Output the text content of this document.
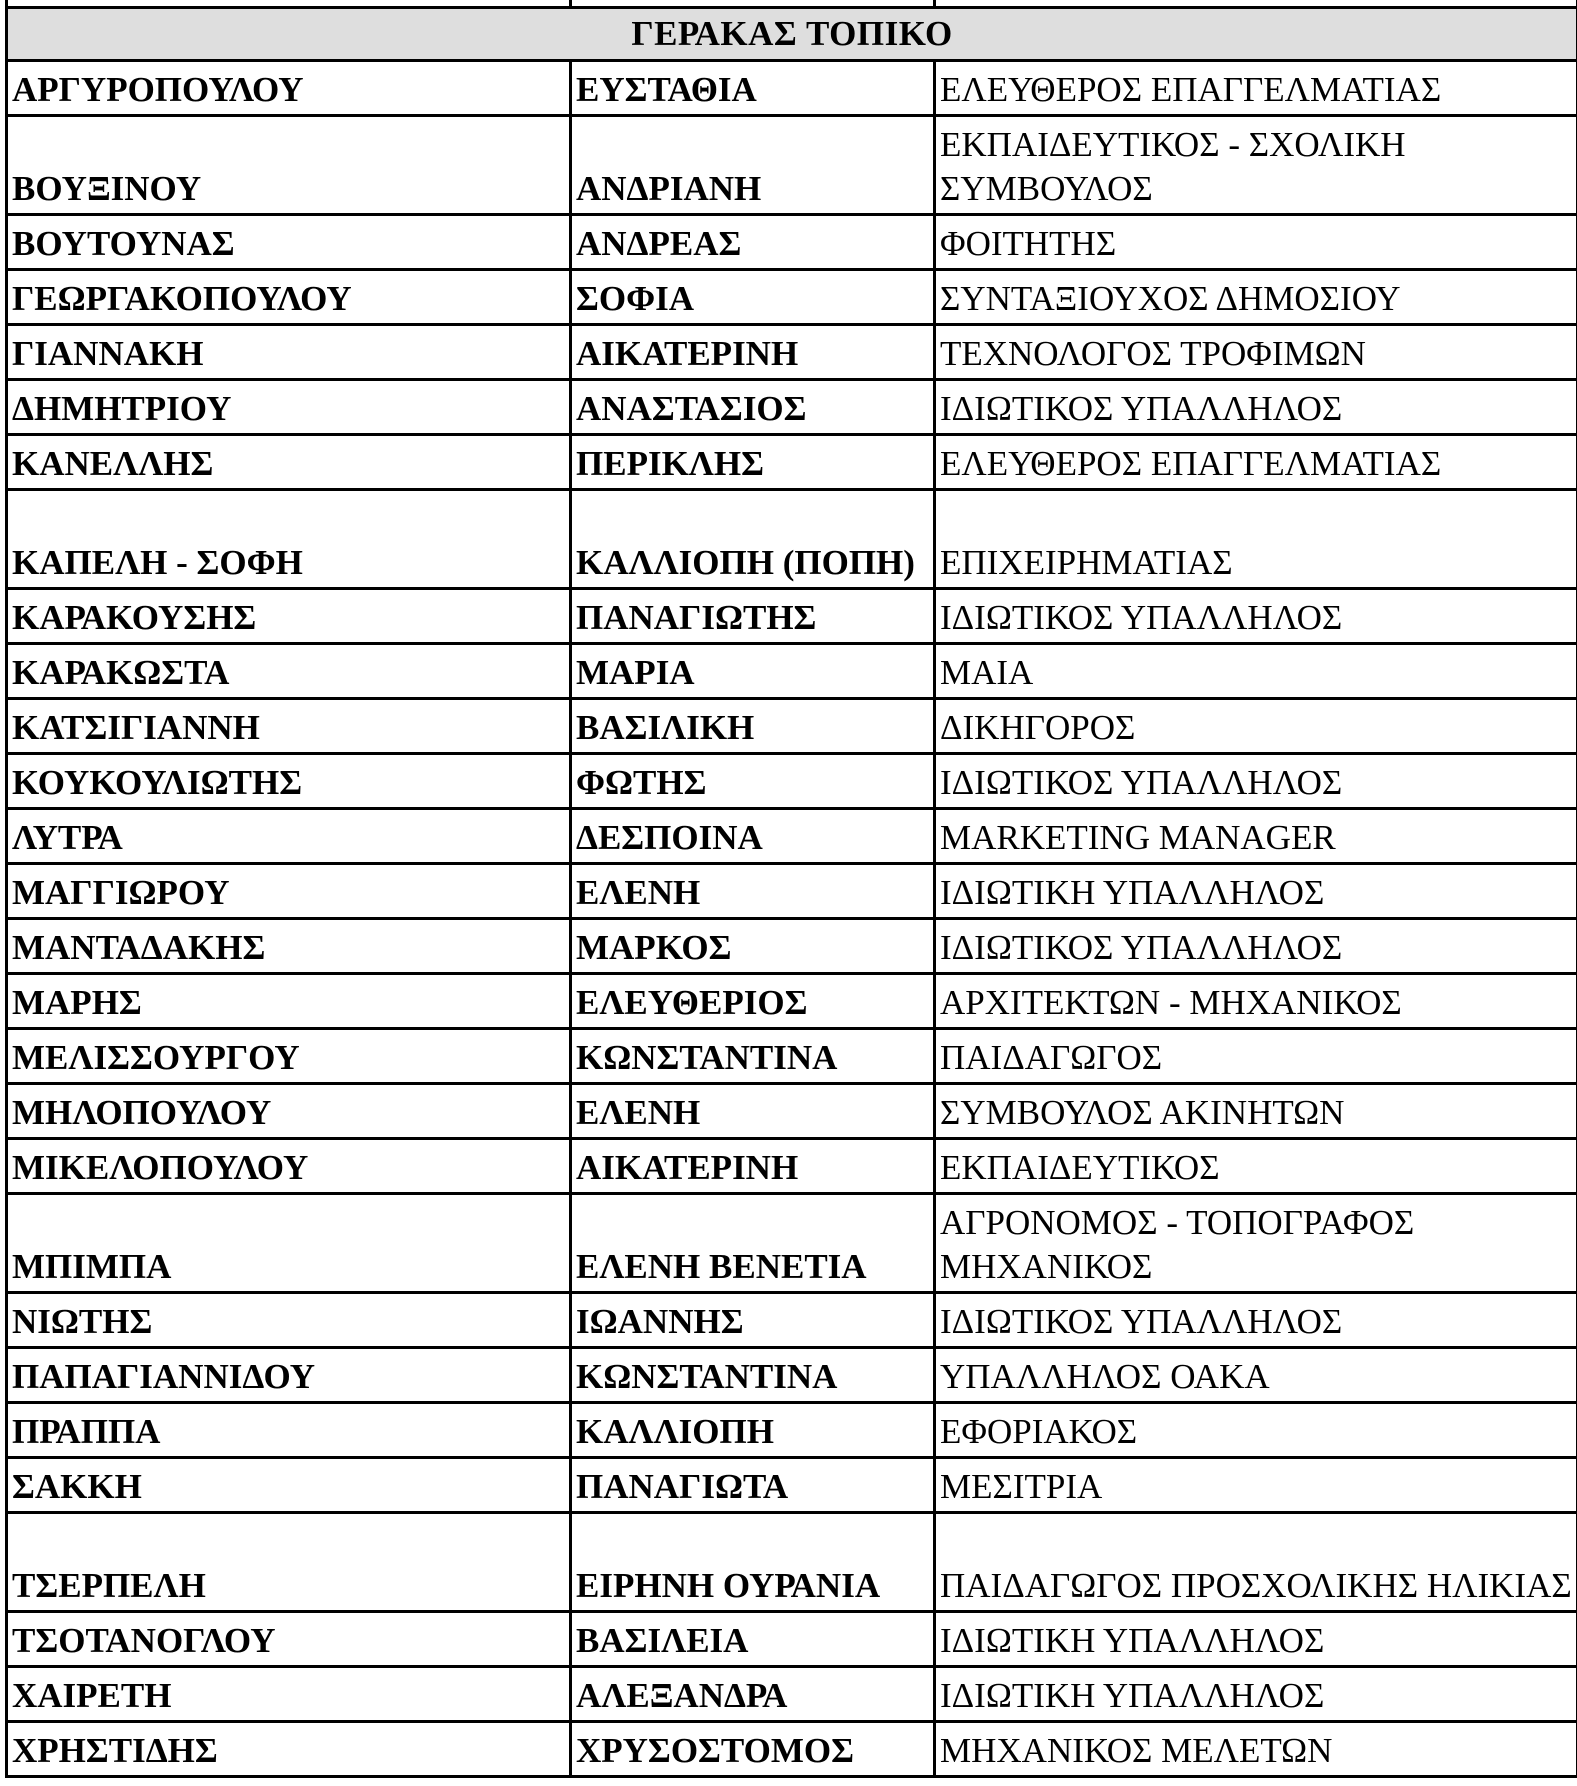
ΓΕΡΑΚΑΣ ΤΟΠΙΚΟ		
ΑΡΓΥΡΟΠΟΥΛΟΥ	ΕΥΣΤΑΘΙΑ	ΕΛΕΥΘΕΡΟΣ ΕΠΑΓΓΕΛΜΑΤΙΑΣ
ΒΟΥΞΙΝΟΥ	ΑΝΔΡΙΑΝΗ	ΕΚΠΑΙΔΕΥΤΙΚΟΣ - ΣΧΟΛΙΚΗ ΣΥΜΒΟΥΛΟΣ
ΒΟΥΤΟΥΝΑΣ	ΑΝΔΡΕΑΣ	ΦΟΙΤΗΤΗΣ
ΓΕΩΡΓΑΚΟΠΟΥΛΟΥ	ΣΟΦΙΑ	ΣΥΝΤΑΞΙΟΥΧΟΣ ΔΗΜΟΣΙΟΥ
ΓΙΑΝΝΑΚΗ	ΑΙΚΑΤΕΡΙΝΗ	ΤΕΧΝΟΛΟΓΟΣ ΤΡΟΦΙΜΩΝ
ΔΗΜΗΤΡΙΟΥ	ΑΝΑΣΤΑΣΙΟΣ	ΙΔΙΩΤΙΚΟΣ ΥΠΑΛΛΗΛΟΣ
ΚΑΝΕΛΛΗΣ	ΠΕΡΙΚΛΗΣ	ΕΛΕΥΘΕΡΟΣ ΕΠΑΓΓΕΛΜΑΤΙΑΣ
ΚΑΠΕΛΗ - ΣΟΦΗ	ΚΑΛΛΙΟΠΗ (ΠΟΠΗ)	ΕΠΙΧΕΙΡΗΜΑΤΙΑΣ
ΚΑΡΑΚΟΥΣΗΣ	ΠΑΝΑΓΙΩΤΗΣ	ΙΔΙΩΤΙΚΟΣ ΥΠΑΛΛΗΛΟΣ
ΚΑΡΑΚΩΣΤΑ	ΜΑΡΙΑ	ΜΑΙΑ
ΚΑΤΣΙΓΙΑΝΝΗ	ΒΑΣΙΛΙΚΗ	ΔΙΚΗΓΟΡΟΣ
ΚΟΥΚΟΥΛΙΩΤΗΣ	ΦΩΤΗΣ	ΙΔΙΩΤΙΚΟΣ ΥΠΑΛΛΗΛΟΣ
ΛΥΤΡΑ	ΔΕΣΠΟΙΝΑ	MARKETING MANAGER
ΜΑΓΓΙΩΡΟΥ	ΕΛΕΝΗ	ΙΔΙΩΤΙΚΗ ΥΠΑΛΛΗΛΟΣ
ΜΑΝΤΑΔΑΚΗΣ	ΜΑΡΚΟΣ	ΙΔΙΩΤΙΚΟΣ ΥΠΑΛΛΗΛΟΣ
ΜΑΡΗΣ	ΕΛΕΥΘΕΡΙΟΣ	ΑΡΧΙΤΕΚΤΩΝ - ΜΗΧΑΝΙΚΟΣ
ΜΕΛΙΣΣΟΥΡΓΟΥ	ΚΩΝΣΤΑΝΤΙΝΑ	ΠΑΙΔΑΓΩΓΟΣ
ΜΗΛΟΠΟΥΛΟΥ	ΕΛΕΝΗ	ΣΥΜΒΟΥΛΟΣ ΑΚΙΝΗΤΩΝ
ΜΙΚΕΛΟΠΟΥΛΟΥ	ΑΙΚΑΤΕΡΙΝΗ	ΕΚΠΑΙΔΕΥΤΙΚΟΣ
ΜΠΙΜΠΑ	ΕΛΕΝΗ ΒΕΝΕΤΙΑ	ΑΓΡΟΝΟΜΟΣ - ΤΟΠΟΓΡΑΦΟΣ ΜΗΧΑΝΙΚΟΣ
ΝΙΩΤΗΣ	ΙΩΑΝΝΗΣ	ΙΔΙΩΤΙΚΟΣ ΥΠΑΛΛΗΛΟΣ
ΠΑΠΑΓΙΑΝΝΙΔΟΥ	ΚΩΝΣΤΑΝΤΙΝΑ	ΥΠΑΛΛΗΛΟΣ ΟΑΚΑ
ΠΡΑΠΠΑ	ΚΑΛΛΙΟΠΗ	ΕΦΟΡΙΑΚΟΣ
ΣΑΚΚΗ	ΠΑΝΑΓΙΩΤΑ	ΜΕΣΙΤΡΙΑ
ΤΣΕΡΠΕΛΗ	ΕΙΡΗΝΗ ΟΥΡΑΝΙΑ	ΠΑΙΔΑΓΩΓΟΣ ΠΡΟΣΧΟΛΙΚΗΣ ΗΛΙΚΙΑΣ
ΤΣΟΤΑΝΟΓΛΟΥ	ΒΑΣΙΛΕΙΑ	ΙΔΙΩΤΙΚΗ ΥΠΑΛΛΗΛΟΣ
ΧΑΙΡΕΤΗ	ΑΛΕΞΑΝΔΡΑ	ΙΔΙΩΤΙΚΗ ΥΠΑΛΛΗΛΟΣ
ΧΡΗΣΤΙΔΗΣ	ΧΡΥΣΟΣΤΟΜΟΣ	ΜΗΧΑΝΙΚΟΣ ΜΕΛΕΤΩΝ
